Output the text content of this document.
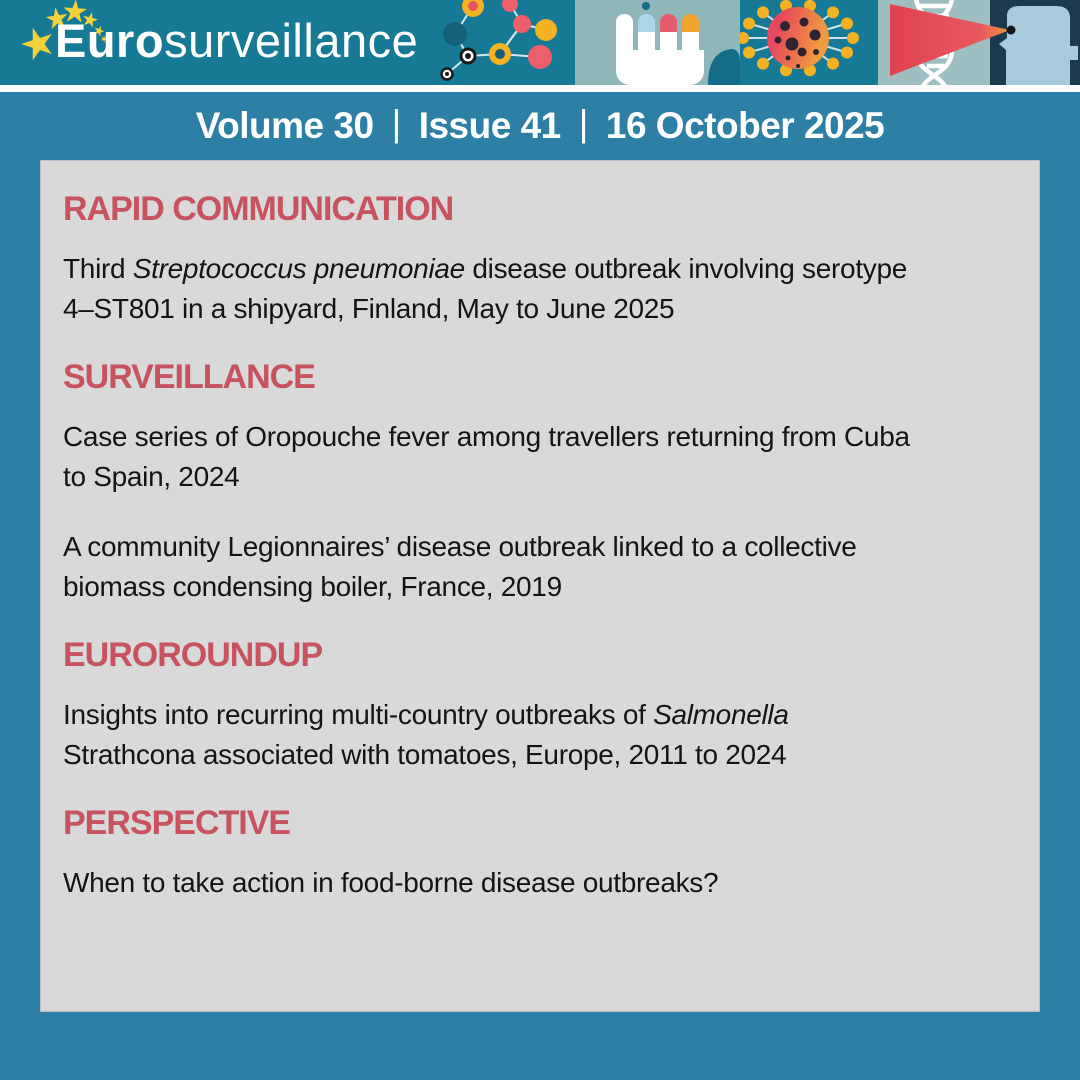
Eurosurveillance
Volume 30 | Issue 41 | 16 October 2025
RAPID COMMUNICATION

Third Streptococcus pneumoniae disease outbreak involving serotype
4–ST801 in a shipyard, Finland, May to June 2025

SURVEILLANCE

Case series of Oropouche fever among travellers returning from Cuba
to Spain, 2024

A community Legionnaires’ disease outbreak linked to a collective
biomass condensing boiler, France, 2019

EUROROUNDUP

Insights into recurring multi-country outbreaks of Salmonella
Strathcona associated with tomatoes, Europe, 2011 to 2024

PERSPECTIVE

When to take action in food-borne disease outbreaks?
